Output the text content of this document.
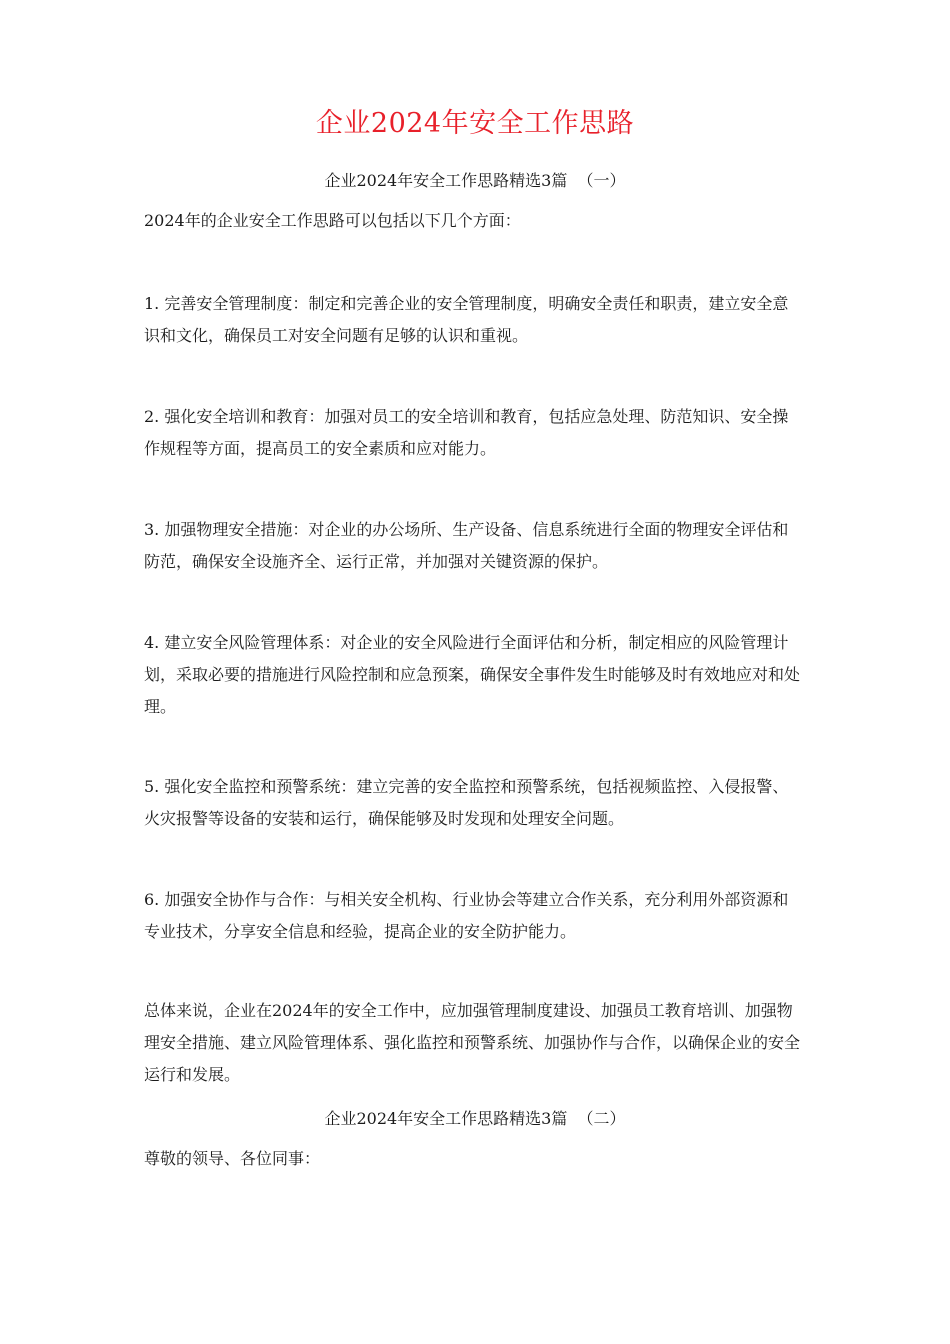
企业2024年安全工作思路
企业2024年安全工作思路精选3篇  （一）

2024年的企业安全工作思路可以包括以下几个方面：

1. 完善安全管理制度：制定和完善企业的安全管理制度，明确安全责任和职责，建立安全意识和文化，确保员工对安全问题有足够的认识和重视。

2. 强化安全培训和教育：加强对员工的安全培训和教育，包括应急处理、防范知识、安全操作规程等方面，提高员工的安全素质和应对能力。

3. 加强物理安全措施：对企业的办公场所、生产设备、信息系统进行全面的物理安全评估和防范，确保安全设施齐全、运行正常，并加强对关键资源的保护。

4. 建立安全风险管理体系：对企业的安全风险进行全面评估和分析，制定相应的风险管理计划，采取必要的措施进行风险控制和应急预案，确保安全事件发生时能够及时有效地应对和处理。

5. 强化安全监控和预警系统：建立完善的安全监控和预警系统，包括视频监控、入侵报警、火灾报警等设备的安装和运行，确保能够及时发现和处理安全问题。

6. 加强安全协作与合作：与相关安全机构、行业协会等建立合作关系，充分利用外部资源和专业技术，分享安全信息和经验，提高企业的安全防护能力。

总体来说，企业在2024年的安全工作中，应加强管理制度建设、加强员工教育培训、加强物理安全措施、建立风险管理体系、强化监控和预警系统、加强协作与合作，以确保企业的安全运行和发展。

企业2024年安全工作思路精选3篇  （二）

尊敬的领导、各位同事：
